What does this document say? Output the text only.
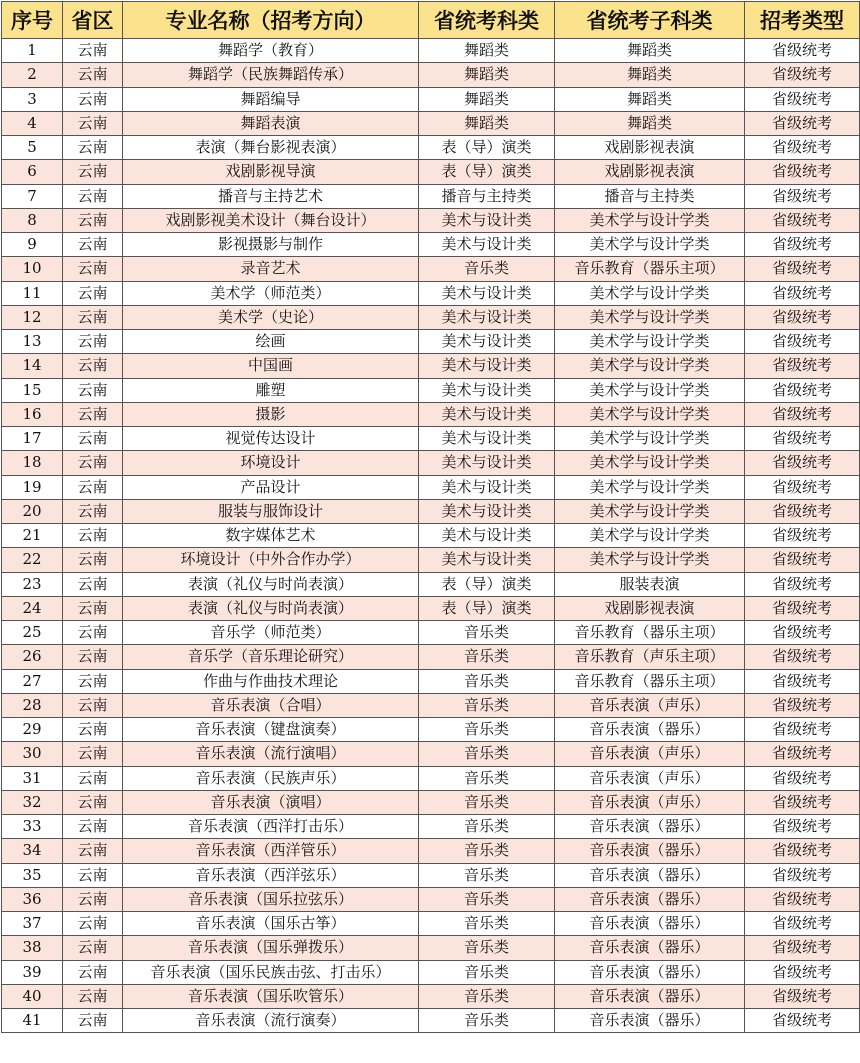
序号	省区	专业名称（招考方向）	省统考科类	省统考子科类	招考类型
1	云南	舞蹈学（教育）	舞蹈类	舞蹈类	省级统考
2	云南	舞蹈学（民族舞蹈传承）	舞蹈类	舞蹈类	省级统考
3	云南	舞蹈编导	舞蹈类	舞蹈类	省级统考
4	云南	舞蹈表演	舞蹈类	舞蹈类	省级统考
5	云南	表演（舞台影视表演）	表（导）演类	戏剧影视表演	省级统考
6	云南	戏剧影视导演	表（导）演类	戏剧影视表演	省级统考
7	云南	播音与主持艺术	播音与主持类	播音与主持类	省级统考
8	云南	戏剧影视美术设计（舞台设计）	美术与设计类	美术学与设计学类	省级统考
9	云南	影视摄影与制作	美术与设计类	美术学与设计学类	省级统考
10	云南	录音艺术	音乐类	音乐教育（器乐主项）	省级统考
11	云南	美术学（师范类）	美术与设计类	美术学与设计学类	省级统考
12	云南	美术学（史论）	美术与设计类	美术学与设计学类	省级统考
13	云南	绘画	美术与设计类	美术学与设计学类	省级统考
14	云南	中国画	美术与设计类	美术学与设计学类	省级统考
15	云南	雕塑	美术与设计类	美术学与设计学类	省级统考
16	云南	摄影	美术与设计类	美术学与设计学类	省级统考
17	云南	视觉传达设计	美术与设计类	美术学与设计学类	省级统考
18	云南	环境设计	美术与设计类	美术学与设计学类	省级统考
19	云南	产品设计	美术与设计类	美术学与设计学类	省级统考
20	云南	服装与服饰设计	美术与设计类	美术学与设计学类	省级统考
21	云南	数字媒体艺术	美术与设计类	美术学与设计学类	省级统考
22	云南	环境设计（中外合作办学）	美术与设计类	美术学与设计学类	省级统考
23	云南	表演（礼仪与时尚表演）	表（导）演类	服装表演	省级统考
24	云南	表演（礼仪与时尚表演）	表（导）演类	戏剧影视表演	省级统考
25	云南	音乐学（师范类）	音乐类	音乐教育（器乐主项）	省级统考
26	云南	音乐学（音乐理论研究）	音乐类	音乐教育（声乐主项）	省级统考
27	云南	作曲与作曲技术理论	音乐类	音乐教育（器乐主项）	省级统考
28	云南	音乐表演（合唱）	音乐类	音乐表演（声乐）	省级统考
29	云南	音乐表演（键盘演奏）	音乐类	音乐表演（器乐）	省级统考
30	云南	音乐表演（流行演唱）	音乐类	音乐表演（声乐）	省级统考
31	云南	音乐表演（民族声乐）	音乐类	音乐表演（声乐）	省级统考
32	云南	音乐表演（演唱）	音乐类	音乐表演（声乐）	省级统考
33	云南	音乐表演（西洋打击乐）	音乐类	音乐表演（器乐）	省级统考
34	云南	音乐表演（西洋管乐）	音乐类	音乐表演（器乐）	省级统考
35	云南	音乐表演（西洋弦乐）	音乐类	音乐表演（器乐）	省级统考
36	云南	音乐表演（国乐拉弦乐）	音乐类	音乐表演（器乐）	省级统考
37	云南	音乐表演（国乐古筝）	音乐类	音乐表演（器乐）	省级统考
38	云南	音乐表演（国乐弹拨乐）	音乐类	音乐表演（器乐）	省级统考
39	云南	音乐表演（国乐民族击弦、打击乐）	音乐类	音乐表演（器乐）	省级统考
40	云南	音乐表演（国乐吹管乐）	音乐类	音乐表演（器乐）	省级统考
41	云南	音乐表演（流行演奏）	音乐类	音乐表演（器乐）	省级统考
